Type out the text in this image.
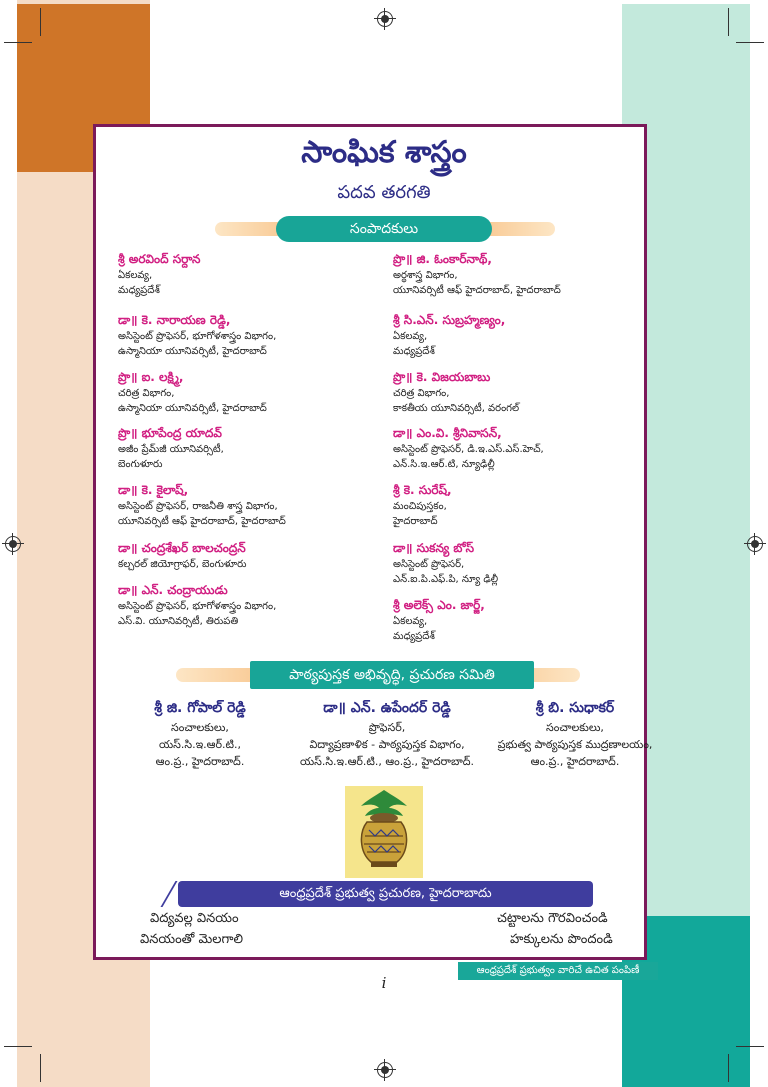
సాంఘిక శాస్త్రం
పదవ తరగతి
సంపాదకులు
శ్రీ అరవింద్ సర్దాన
ఏకలవ్య,
మధ్యప్రదేశ్
డా॥ కె. నారాయణ రెడ్డి,
అసిస్టెంట్ ప్రొఫెసర్, భూగోళశాస్త్రం విభాగం,
ఉస్మానియా యూనివర్సిటీ, హైదరాబాద్
ప్రొ॥ ఐ. లక్ష్మి,
చరిత్ర విభాగం,
ఉస్మానియా యూనివర్సిటీ, హైదరాబాద్
ప్రొ॥ భూపేంద్ర యాదవ్
అజీం ప్రేమ్‌జీ యూనివర్సిటీ,
బెంగుళూరు
డా॥ కె. కైలాష్,
అసిస్టెంట్ ప్రొఫెసర్, రాజనీతి శాస్త్ర విభాగం,
యూనివర్సిటీ ఆఫ్ హైదరాబాద్, హైదరాబాద్
డా॥ చంద్రశేఖర్ బాలచంద్రన్
కల్చరల్ జియోగ్రాఫర్, బెంగుళూరు
డా॥ ఎన్. చంద్రాయుడు
అసిస్టెంట్ ప్రొఫెసర్, భూగోళశాస్త్రం విభాగం,
ఎస్.వి. యూనివర్సిటీ, తిరుపతి
ప్రొ॥ జి. ఓంకార్‌నాథ్,
అర్థశాస్త్ర విభాగం,
యూనివర్సిటీ ఆఫ్ హైదరాబాద్, హైదరాబాద్
శ్రీ సి.ఎన్. సుబ్రహ్మణ్యం,
ఏకలవ్య,
మధ్యప్రదేశ్
ప్రొ॥ కె. విజయబాబు
చరిత్ర విభాగం,
కాకతీయ యూనివర్సిటీ, వరంగల్
డా॥ ఎం.వి. శ్రీనివాసన్,
అసిస్టెంట్ ప్రొఫెసర్, డి.ఇ.ఎస్.ఎస్.హెచ్,
ఎన్.సి.ఇ.ఆర్.టి, న్యూఢిల్లీ
శ్రీ కె. సురేష్,
మంచిపుస్తకం,
హైదరాబాద్
డా॥ సుకన్య బోస్
అసిస్టెంట్ ప్రొఫెసర్,
ఎన్.ఐ.పి.ఎఫ్.పి, న్యూ ఢిల్లీ
శ్రీ అలెక్స్ ఎం. జార్జ్,
ఏకలవ్య,
మధ్యప్రదేశ్
పాఠ్యపుస్తక అభివృద్ధి, ప్రచురణ సమితి
శ్రీ జి. గోపాల్ రెడ్డి
సంచాలకులు,
యస్.సి.ఇ.ఆర్.టి.,
ఆం.ప్ర., హైదరాబాద్.
డా॥ ఎన్. ఉపేందర్ రెడ్డి
ప్రొఫెసర్,
విద్యాప్రణాళిక - పాఠ్యపుస్తక విభాగం,
యస్.సి.ఇ.ఆర్.టి., ఆం.ప్ర., హైదరాబాద్.
శ్రీ బి. సుధాకర్
సంచాలకులు,
ప్రభుత్వ పాఠ్యపుస్తక ముద్రణాలయం,
ఆం.ప్ర., హైదరాబాద్.
ఆంధ్రప్రదేశ్ ప్రభుత్వ ప్రచురణ, హైదరాబాదు
విద్యవల్ల వినయం
వినయంతో మెలగాలి
చట్టాలను గౌరవించండి
హక్కులను పొందండి
ఆంధ్రప్రదేశ్ ప్రభుత్వం వారిచే ఉచిత పంపిణీ
i
